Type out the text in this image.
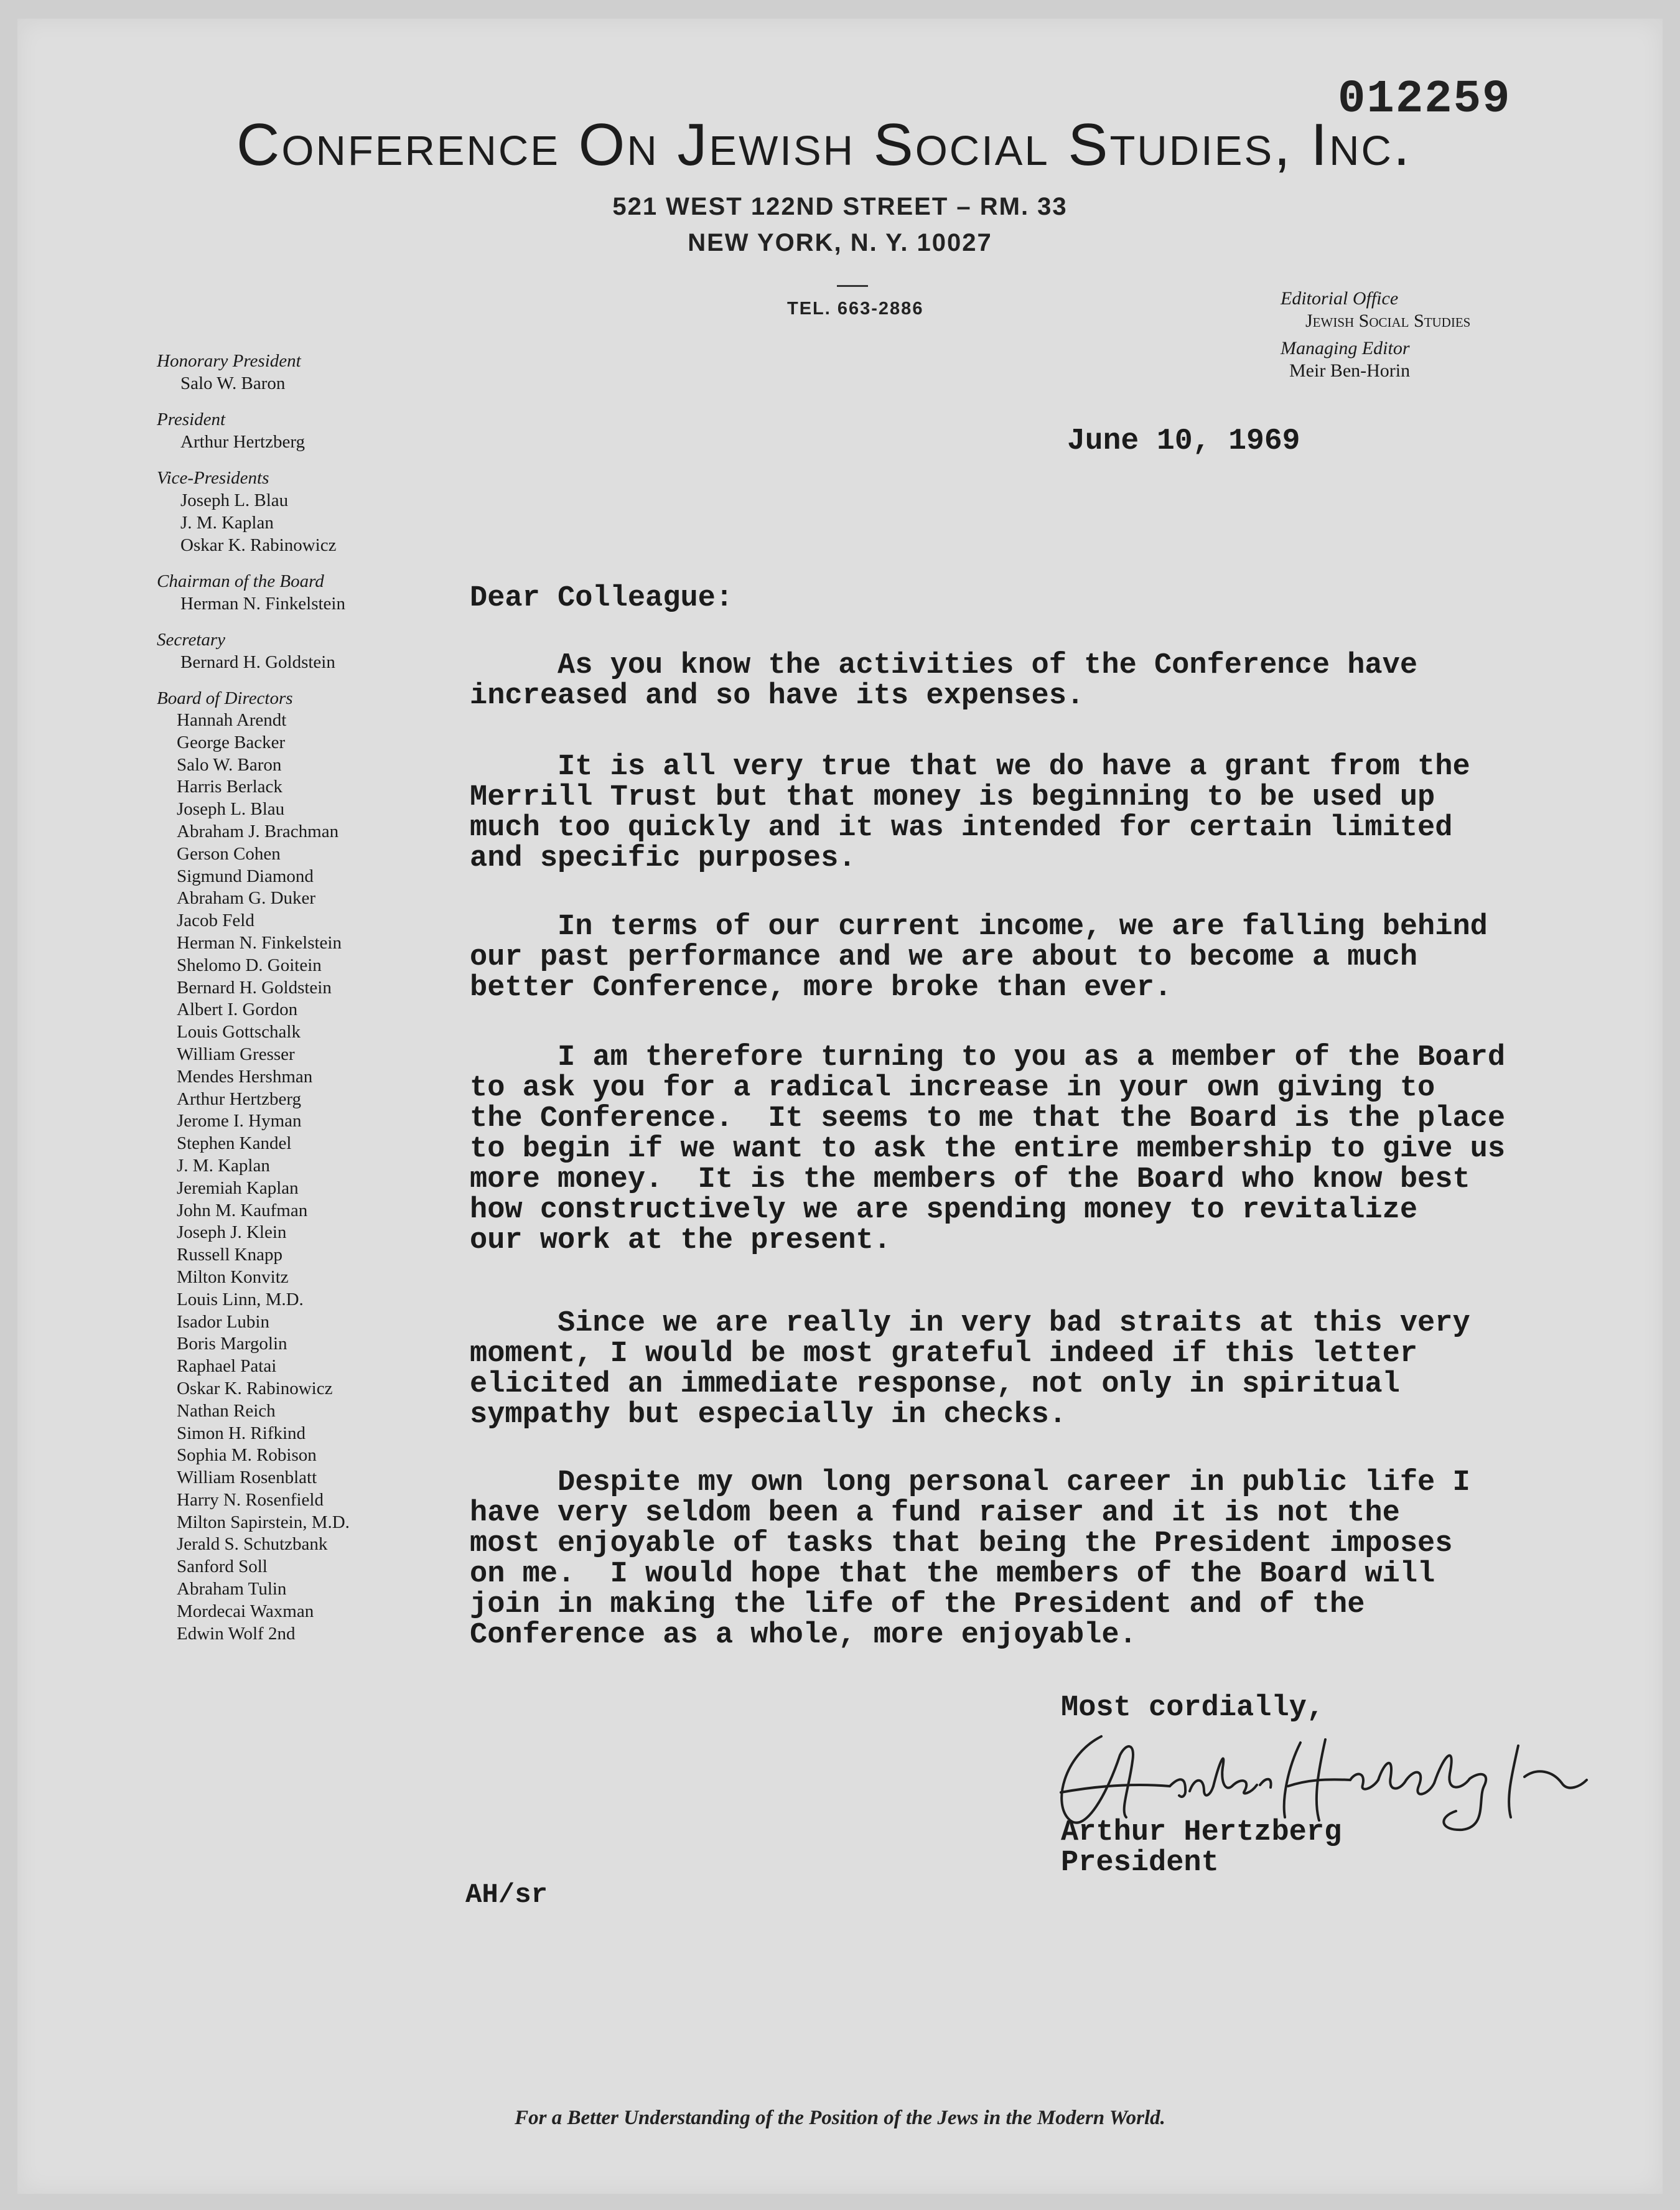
012259
Conference On Jewish Social Studies, Inc.
521 WEST 122ND STREET – RM. 33
NEW YORK, N. Y. 10027
TEL. 663-2886	Editorial Office
Jewish Social Studies
Managing Editor
Meir Ben-Horin
Honorary President
Salo W. Baron
President
Arthur Hertzberg
Vice-Presidents
Joseph L. Blau
J. M. Kaplan
Oskar K. Rabinowicz
Chairman of the Board
Herman N. Finkelstein
Secretary
Bernard H. Goldstein
Board of Directors
Hannah Arendt
George Backer
Salo W. Baron
Harris Berlack
Joseph L. Blau
Abraham J. Brachman
Gerson Cohen
Sigmund Diamond
Abraham G. Duker
Jacob Feld
Herman N. Finkelstein
Shelomo D. Goitein
Bernard H. Goldstein
Albert I. Gordon
Louis Gottschalk
William Gresser
Mendes Hershman
Arthur Hertzberg
Jerome I. Hyman
Stephen Kandel
J. M. Kaplan
Jeremiah Kaplan
John M. Kaufman
Joseph J. Klein
Russell Knapp
Milton Konvitz
Louis Linn, M.D.
Isador Lubin
Boris Margolin
Raphael Patai
Oskar K. Rabinowicz
Nathan Reich
Simon H. Rifkind
Sophia M. Robison
William Rosenblatt
Harry N. Rosenfield
Milton Sapirstein, M.D.
Jerald S. Schutzbank
Sanford Soll
Abraham Tulin
Mordecai Waxman
Edwin Wolf 2nd
June 10, 1969
Dear Colleague:

As you know the activities of the Conference have
increased and so have its expenses.

It is all very true that we do have a grant from the
Merrill Trust but that money is beginning to be used up
much too quickly and it was intended for certain limited
and specific purposes.

In terms of our current income, we are falling behind
our past performance and we are about to become a much
better Conference, more broke than ever.

I am therefore turning to you as a member of the Board
to ask you for a radical increase in your own giving to
the Conference.  It seems to me that the Board is the place
to begin if we want to ask the entire membership to give us
more money.  It is the members of the Board who know best
how constructively we are spending money to revitalize
our work at the present.

Since we are really in very bad straits at this very
moment, I would be most grateful indeed if this letter
elicited an immediate response, not only in spiritual
sympathy but especially in checks.

Despite my own long personal career in public life I
have very seldom been a fund raiser and it is not the
most enjoyable of tasks that being the President imposes
on me.  I would hope that the members of the Board will
join in making the life of the President and of the
Conference as a whole, more enjoyable.

Most cordially,
Arthur Hertzberg
President
AH/sr
For a Better Understanding of the Position of the Jews in the Modern World.
